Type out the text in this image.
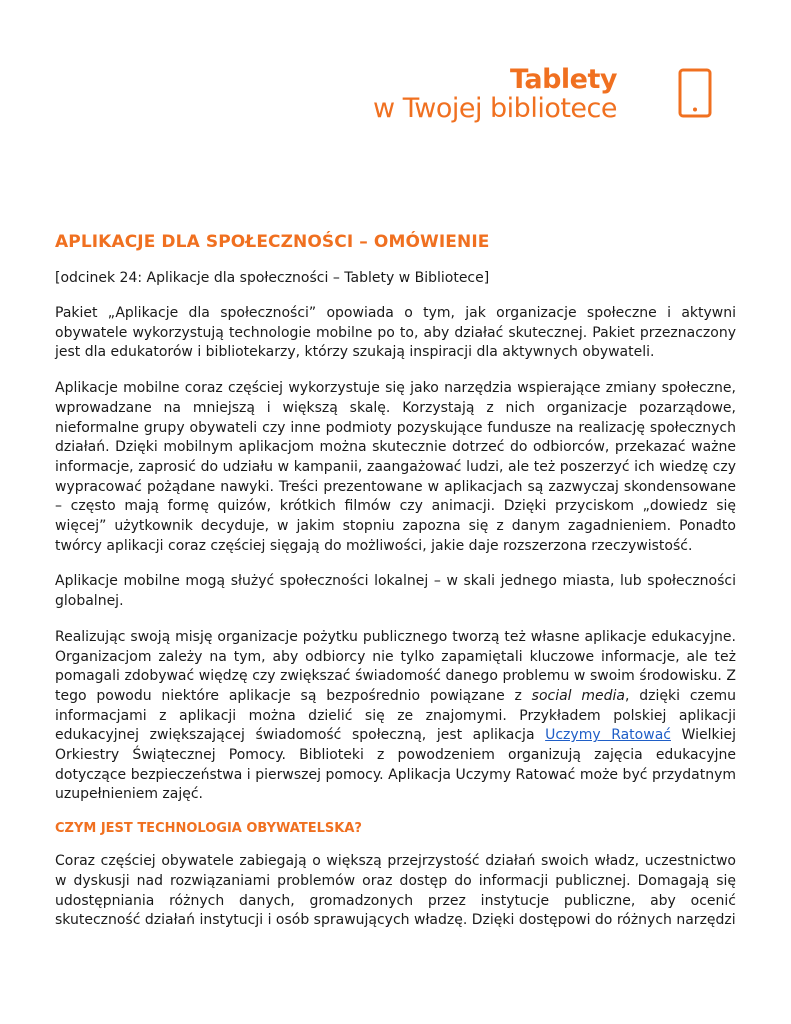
Tablety
w Twojej bibliotece
APLIKACJE DLA SPOŁECZNOŚCI – OMÓWIENIE
[odcinek 24: Aplikacje dla społeczności – Tablety w Bibliotece]

Pakiet „Aplikacje dla społeczności” opowiada o tym, jak organizacje społeczne i aktywni obywatele wykorzystują technologie mobilne po to, aby działać skutecznej. Pakiet przeznaczony jest dla edukatorów i bibliotekarzy, którzy szukają inspiracji dla aktywnych obywateli.

Aplikacje mobilne coraz częściej wykorzystuje się jako narzędzia wspierające zmiany społeczne, wprowadzane na mniejszą i większą skalę. Korzystają z nich organizacje pozarządowe, nieformalne grupy obywateli czy inne podmioty pozyskujące fundusze na realizację społecznych działań. Dzięki mobilnym aplikacjom można skutecznie dotrzeć do odbiorców, przekazać ważne informacje, zaprosić do udziału w kampanii, zaangażować ludzi, ale też poszerzyć ich wiedzę czy wypracować pożądane nawyki. Treści prezentowane w aplikacjach są zazwyczaj skondensowane – często mają formę quizów, krótkich filmów czy animacji. Dzięki przyciskom „dowiedz się więcej” użytkownik decyduje, w jakim stopniu zapozna się z danym zagadnieniem. Ponadto twórcy aplikacji coraz częściej sięgają do możliwości, jakie daje rozszerzona rzeczywistość.

Aplikacje mobilne mogą służyć społeczności lokalnej – w skali jednego miasta, lub społeczności globalnej.

Realizując swoją misję organizacje pożytku publicznego tworzą też własne aplikacje edukacyjne. Organizacjom zależy na tym, aby odbiorcy nie tylko zapamiętali kluczowe informacje, ale też pomagali zdobywać więdzę czy zwiększać świadomość danego problemu w swoim środowisku. Z tego powodu niektóre aplikacje są bezpośrednio powiązane z social media, dzięki czemu informacjami z aplikacji można dzielić się ze znajomymi. Przykładem polskiej aplikacji edukacyjnej zwiększającej świadomość społeczną, jest aplikacja Uczymy Ratować Wielkiej Orkiestry Świątecznej Pomocy. Biblioteki z powodzeniem organizują zajęcia edukacyjne dotyczące bezpieczeństwa i pierwszej pomocy. Aplikacja Uczymy Ratować może być przydatnym uzupełnieniem zajęć.

CZYM JEST TECHNOLOGIA OBYWATELSKA?

Coraz częściej obywatele zabiegają o większą przejrzystość działań swoich władz, uczestnictwo w dyskusji nad rozwiązaniami problemów oraz dostęp do informacji publicznej. Domagają się udostępniania różnych danych, gromadzonych przez instytucje publiczne, aby ocenić skuteczność działań instytucji i osób sprawujących władzę. Dzięki dostępowi do różnych narzędzi
